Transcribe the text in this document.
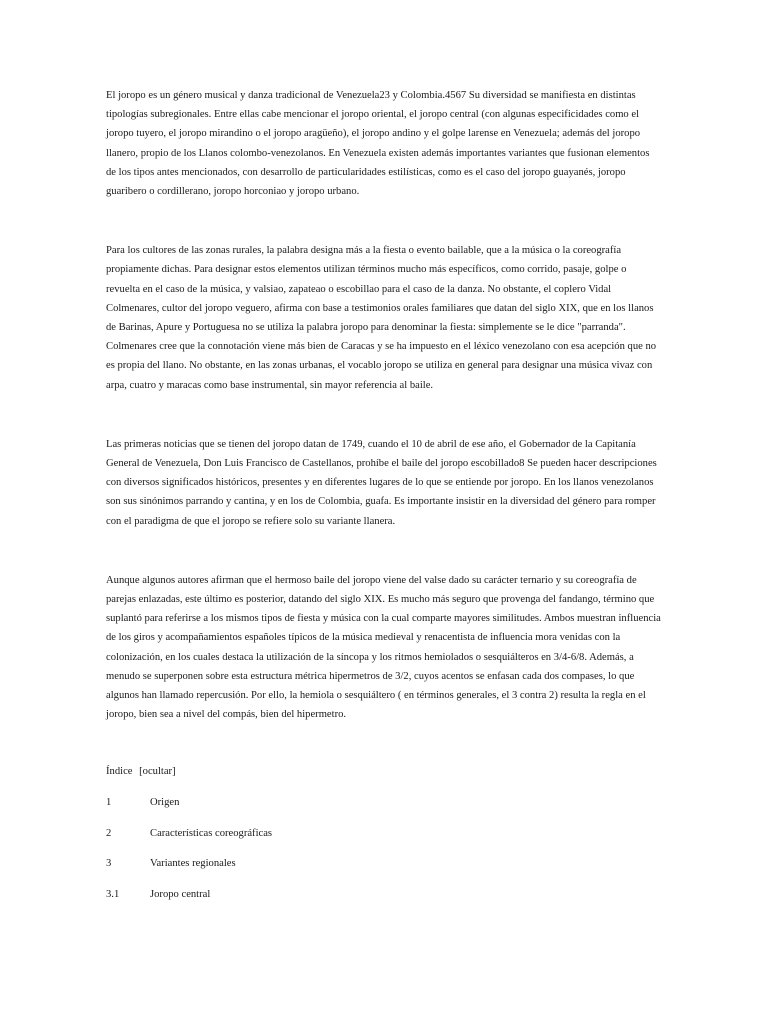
El joropo es un género musical y danza tradicional de Venezuela23 y Colombia.4567 Su diversidad se manifiesta en distintas tipologías subregionales. Entre ellas cabe mencionar el joropo oriental, el joropo central (con algunas especificidades como el joropo tuyero, el joropo mirandino o el joropo aragüeño), el joropo andino y el golpe larense en Venezuela; además del joropo llanero, propio de los Llanos colombo-venezolanos. En Venezuela existen además importantes variantes que fusionan elementos de los tipos antes mencionados, con desarrollo de particularidades estilísticas, como es el caso del joropo guayanés, joropo guaribero o cordillerano, joropo horconiao y joropo urbano.

Para los cultores de las zonas rurales, la palabra designa más a la fiesta o evento bailable, que a la música o la coreografía propiamente dichas. Para designar estos elementos utilizan términos mucho más específicos, como corrido, pasaje, golpe o revuelta en el caso de la música, y valsiao, zapateao o escobillao para el caso de la danza. No obstante, el coplero Vidal Colmenares, cultor del joropo veguero, afirma con base a testimonios orales familiares que datan del siglo XIX, que en los llanos de Barinas, Apure y Portuguesa no se utiliza la palabra joropo para denominar la fiesta: simplemente se le dice "parranda". Colmenares cree que la connotación viene más bien de Caracas y se ha impuesto en el léxico venezolano con esa acepción que no es propia del llano. No obstante, en las zonas urbanas, el vocablo joropo se utiliza en general para designar una música vivaz con arpa, cuatro y maracas como base instrumental, sin mayor referencia al baile.

Las primeras noticias que se tienen del joropo datan de 1749, cuando el 10 de abril de ese año, el Gobernador de la Capitanía General de Venezuela, Don Luis Francisco de Castellanos, prohíbe el baile del joropo escobillado8 Se pueden hacer descripciones con diversos significados históricos, presentes y en diferentes lugares de lo que se entiende por joropo. En los llanos venezolanos son sus sinónimos parrando y cantina, y en los de Colombia, guafa. Es importante insistir en la diversidad del género para romper con el paradigma de que el joropo se refiere solo su variante llanera.

Aunque algunos autores afirman que el hermoso baile del joropo viene del valse dado su carácter ternario y su coreografía de parejas enlazadas, este último es posterior, datando del siglo XIX. Es mucho más seguro que provenga del fandango, término que suplantó para referirse a los mismos tipos de fiesta y música con la cual comparte mayores similitudes. Ambos muestran influencia de los giros y acompañamientos españoles típicos de la música medieval y renacentista de influencia mora venidas con la colonización, en los cuales destaca la utilización de la síncopa y los ritmos hemiolados o sesquiálteros en 3/4-6/8. Además, a menudo se superponen sobre esta estructura métrica hipermetros de 3/2, cuyos acentos se enfasan cada dos compases, lo que algunos han llamado repercusión. Por ello, la hemiola o sesquiáltero ( en términos generales, el 3 contra 2) resulta la regla en el joropo, bien sea a nivel del compás, bien del hipermetro.

Índice [ocultar]
1	Origen
2	Características coreográficas
3	Variantes regionales
3.1	Joropo central
